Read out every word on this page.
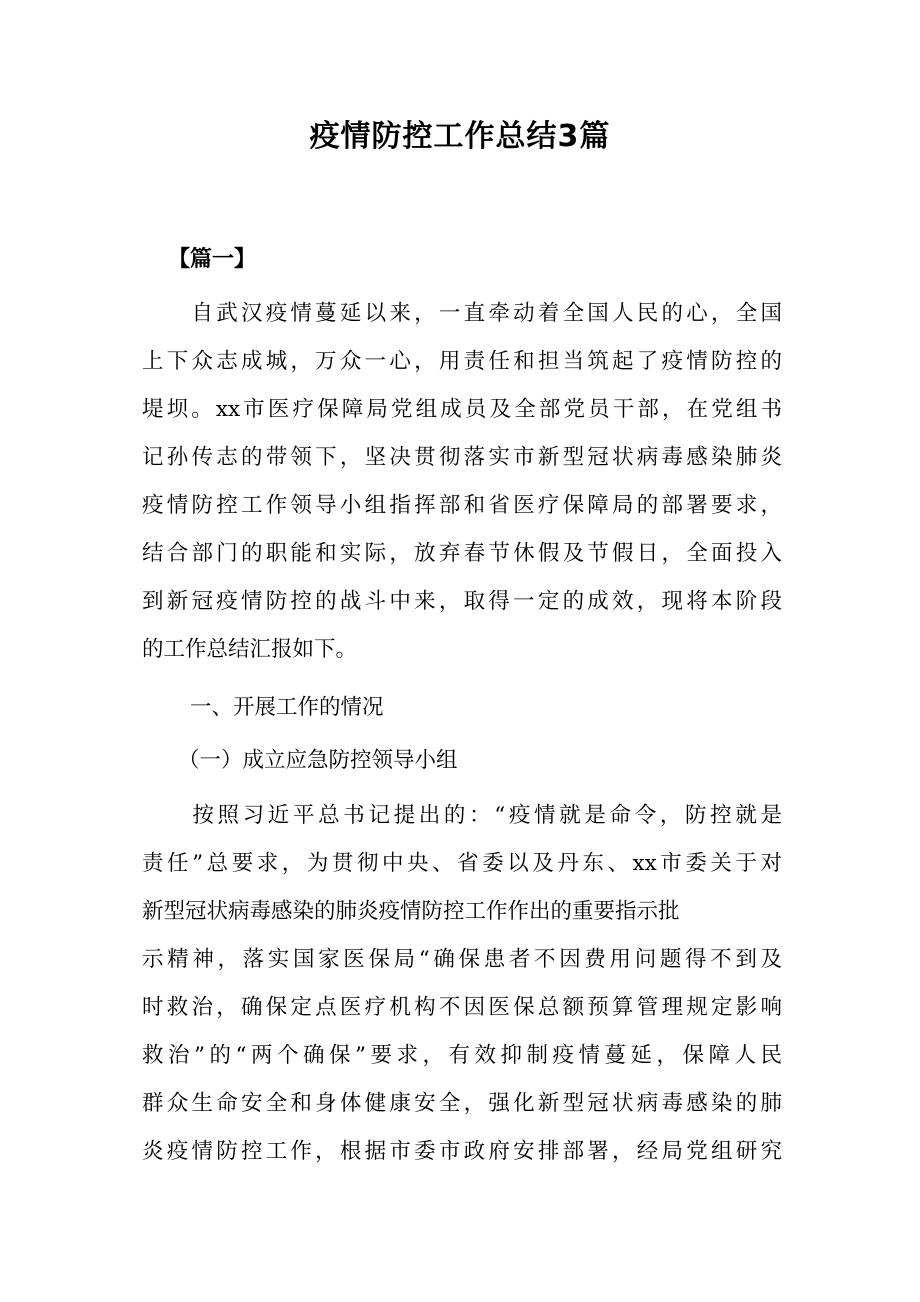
疫情防控工作总结3篇
【篇一】
　　自武汉疫情蔓延以来，一直牵动着全国人民的心，全国
上下众志成城，万众一心，用责任和担当筑起了疫情防控的
堤坝。xx市医疗保障局党组成员及全部党员干部，在党组书
记孙传志的带领下，坚决贯彻落实市新型冠状病毒感染肺炎
疫情防控工作领导小组指挥部和省医疗保障局的部署要求，
结合部门的职能和实际，放弃春节休假及节假日，全面投入
到新冠疫情防控的战斗中来，取得一定的成效，现将本阶段
的工作总结汇报如下。
一、开展工作的情况
（一）成立应急防控领导小组
　　按照习近平总书记提出的：“疫情就是命令，防控就是
责任”总要求，为贯彻中央、省委以及丹东、xx市委关于对
新型冠状病毒感染的肺炎疫情防控工作作出的重要指示批
示精神，落实国家医保局“确保患者不因费用问题得不到及
时救治，确保定点医疗机构不因医保总额预算管理规定影响
救治”的“两个确保”要求，有效抑制疫情蔓延，保障人民
群众生命安全和身体健康安全，强化新型冠状病毒感染的肺
炎疫情防控工作，根据市委市政府安排部署，经局党组研究
